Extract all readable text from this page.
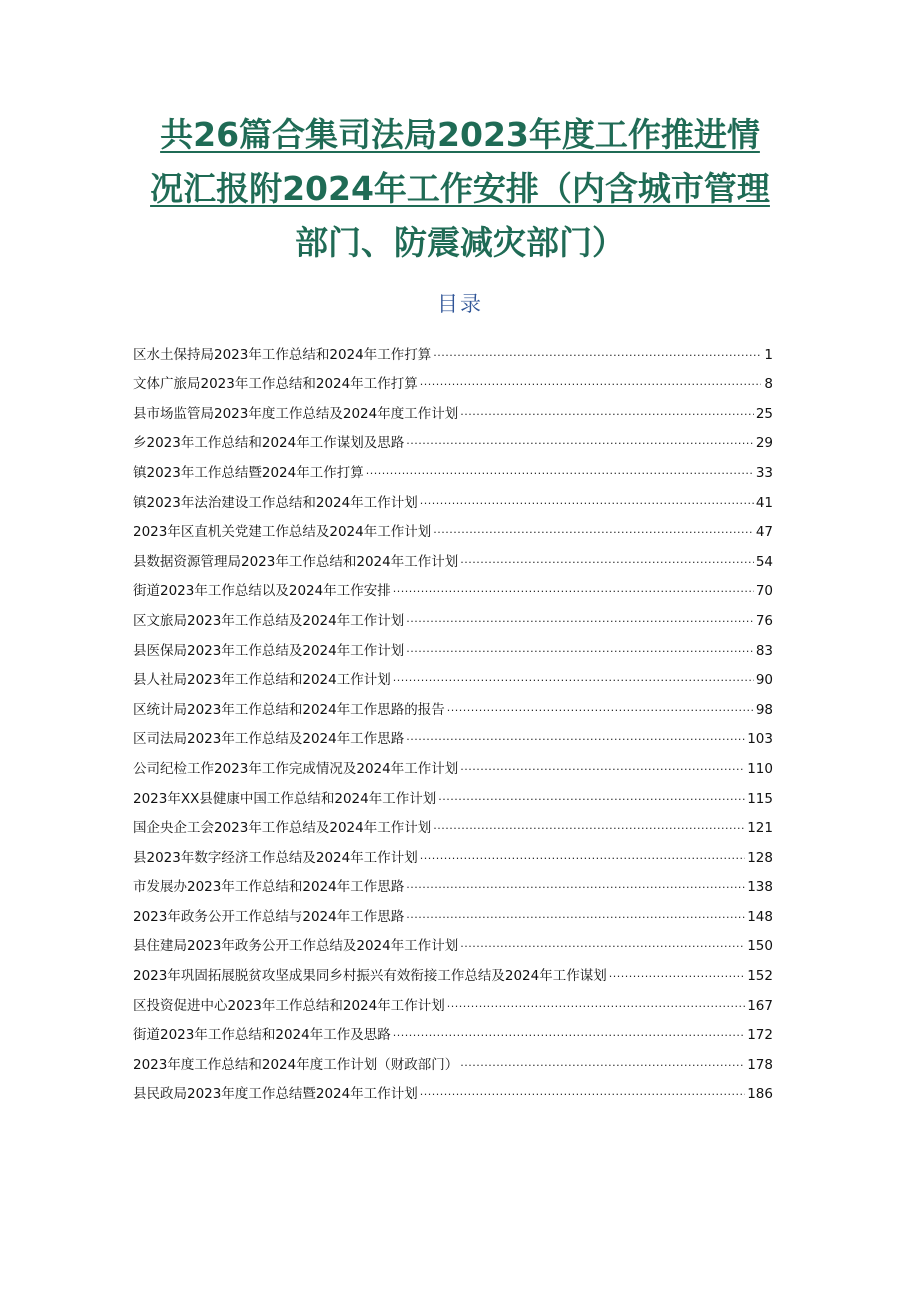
共26篇合集司法局2023年度工作推进情
况汇报附2024年工作安排（内含城市管理
部门、防震减灾部门）
目录
区水土保持局2023年工作总结和2024年工作打算 .....	1
文体广旅局2023年工作总结和2024年工作打算 .....	8
县市场监管局2023年度工作总结及2024年度工作计划 .....	25
乡2023年工作总结和2024年工作谋划及思路 .....	29
镇2023年工作总结暨2024年工作打算 .....	33
镇2023年法治建设工作总结和2024年工作计划 .....	41
2023年区直机关党建工作总结及2024年工作计划 .....	47
县数据资源管理局2023年工作总结和2024年工作计划 .....	54
街道2023年工作总结以及2024年工作安排 .....	70
区文旅局2023年工作总结及2024年工作计划 .....	76
县医保局2023年工作总结及2024年工作计划 .....	83
县人社局2023年工作总结和2024工作计划 .....	90
区统计局2023年工作总结和2024年工作思路的报告 .....	98
区司法局2023年工作总结及2024年工作思路 .....	103
公司纪检工作2023年工作完成情况及2024年工作计划 .....	110
2023年XX县健康中国工作总结和2024年工作计划 .....	115
国企央企工会2023年工作总结及2024年工作计划 .....	121
县2023年数字经济工作总结及2024年工作计划 .....	128
市发展办2023年工作总结和2024年工作思路 .....	138
2023年政务公开工作总结与2024年工作思路 .....	148
县住建局2023年政务公开工作总结及2024年工作计划 .....	150
2023年巩固拓展脱贫攻坚成果同乡村振兴有效衔接工作总结及2024年工作谋划 .....	152
区投资促进中心2023年工作总结和2024年工作计划 .....	167
街道2023年工作总结和2024年工作及思路 .....	172
2023年度工作总结和2024年度工作计划（财政部门） .....	178
县民政局2023年度工作总结暨2024年工作计划 .....	186
